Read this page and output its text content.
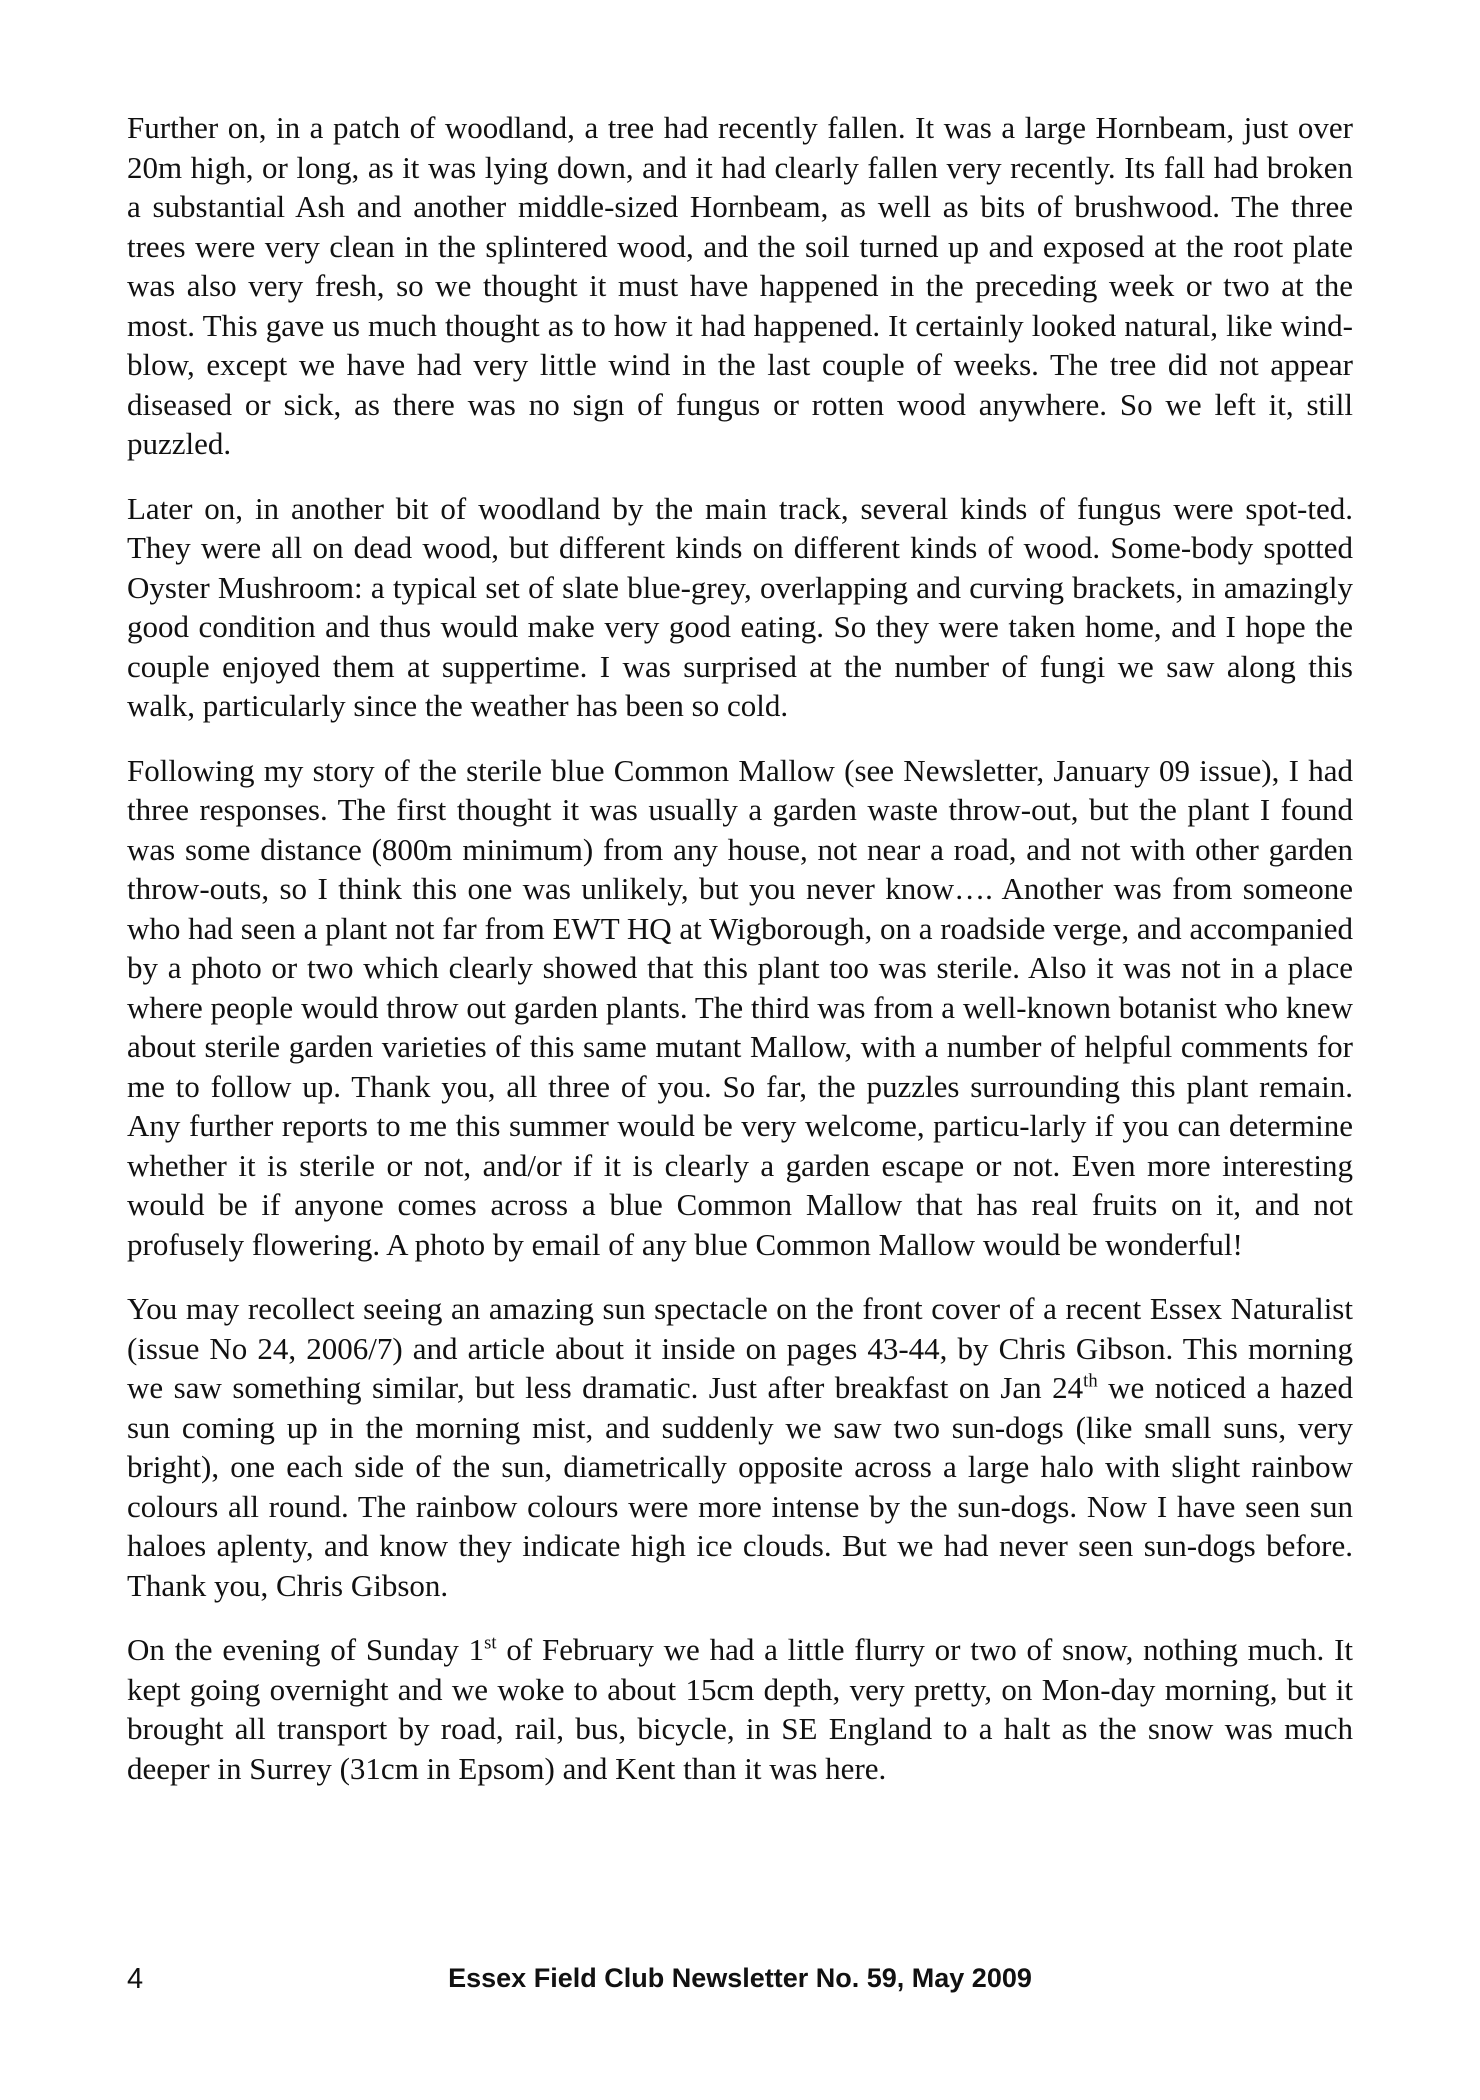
Further on, in a patch of woodland, a tree had recently fallen. It was a large Hornbeam, just over 20m high, or long, as it was lying down, and it had clearly fallen very recently. Its fall had broken a substantial Ash and another middle-sized Hornbeam, as well as bits of brushwood. The three trees were very clean in the splintered wood, and the soil turned up and exposed at the root plate was also very fresh, so we thought it must have happened in the preceding week or two at the most. This gave us much thought as to how it had happened. It certainly looked natural, like wind-blow, except we have had very little wind in the last couple of weeks. The tree did not appear diseased or sick, as there was no sign of fungus or rotten wood anywhere. So we left it, still puzzled.

Later on, in another bit of woodland by the main track, several kinds of fungus were spot-ted. They were all on dead wood, but different kinds on different kinds of wood. Some-body spotted Oyster Mushroom: a typical set of slate blue-grey, overlapping and curving brackets, in amazingly good condition and thus would make very good eating. So they were taken home, and I hope the couple enjoyed them at suppertime. I was surprised at the number of fungi we saw along this walk, particularly since the weather has been so cold.

Following my story of the sterile blue Common Mallow (see Newsletter, January 09 issue), I had three responses. The first thought it was usually a garden waste throw-out, but the plant I found was some distance (800m minimum) from any house, not near a road, and not with other garden throw-outs, so I think this one was unlikely, but you never know…. Another was from someone who had seen a plant not far from EWT HQ at Wigborough, on a roadside verge, and accompanied by a photo or two which clearly showed that this plant too was sterile. Also it was not in a place where people would throw out garden plants. The third was from a well-known botanist who knew about sterile garden varieties of this same mutant Mallow, with a number of helpful comments for me to follow up. Thank you, all three of you. So far, the puzzles surrounding this plant remain. Any further reports to me this summer would be very welcome, particu-larly if you can determine whether it is sterile or not, and/or if it is clearly a garden escape or not. Even more interesting would be if anyone comes across a blue Common Mallow that has real fruits on it, and not profusely flowering. A photo by email of any blue Common Mallow would be wonderful!

You may recollect seeing an amazing sun spectacle on the front cover of a recent Essex Naturalist (issue No 24, 2006/7) and article about it inside on pages 43-44, by Chris Gibson. This morning we saw something similar, but less dramatic. Just after breakfast on Jan 24th we noticed a hazed sun coming up in the morning mist, and suddenly we saw two sun-dogs (like small suns, very bright), one each side of the sun, diametrically opposite across a large halo with slight rainbow colours all round. The rainbow colours were more intense by the sun-dogs. Now I have seen sun haloes aplenty, and know they indicate high ice clouds. But we had never seen sun-dogs before. Thank you, Chris Gibson.

On the evening of Sunday 1st of February we had a little flurry or two of snow, nothing much. It kept going overnight and we woke to about 15cm depth, very pretty, on Mon-day morning, but it brought all transport by road, rail, bus, bicycle, in SE England to a halt as the snow was much deeper in Surrey (31cm in Epsom) and Kent than it was here.

4	Essex Field Club Newsletter No. 59, May 2009
